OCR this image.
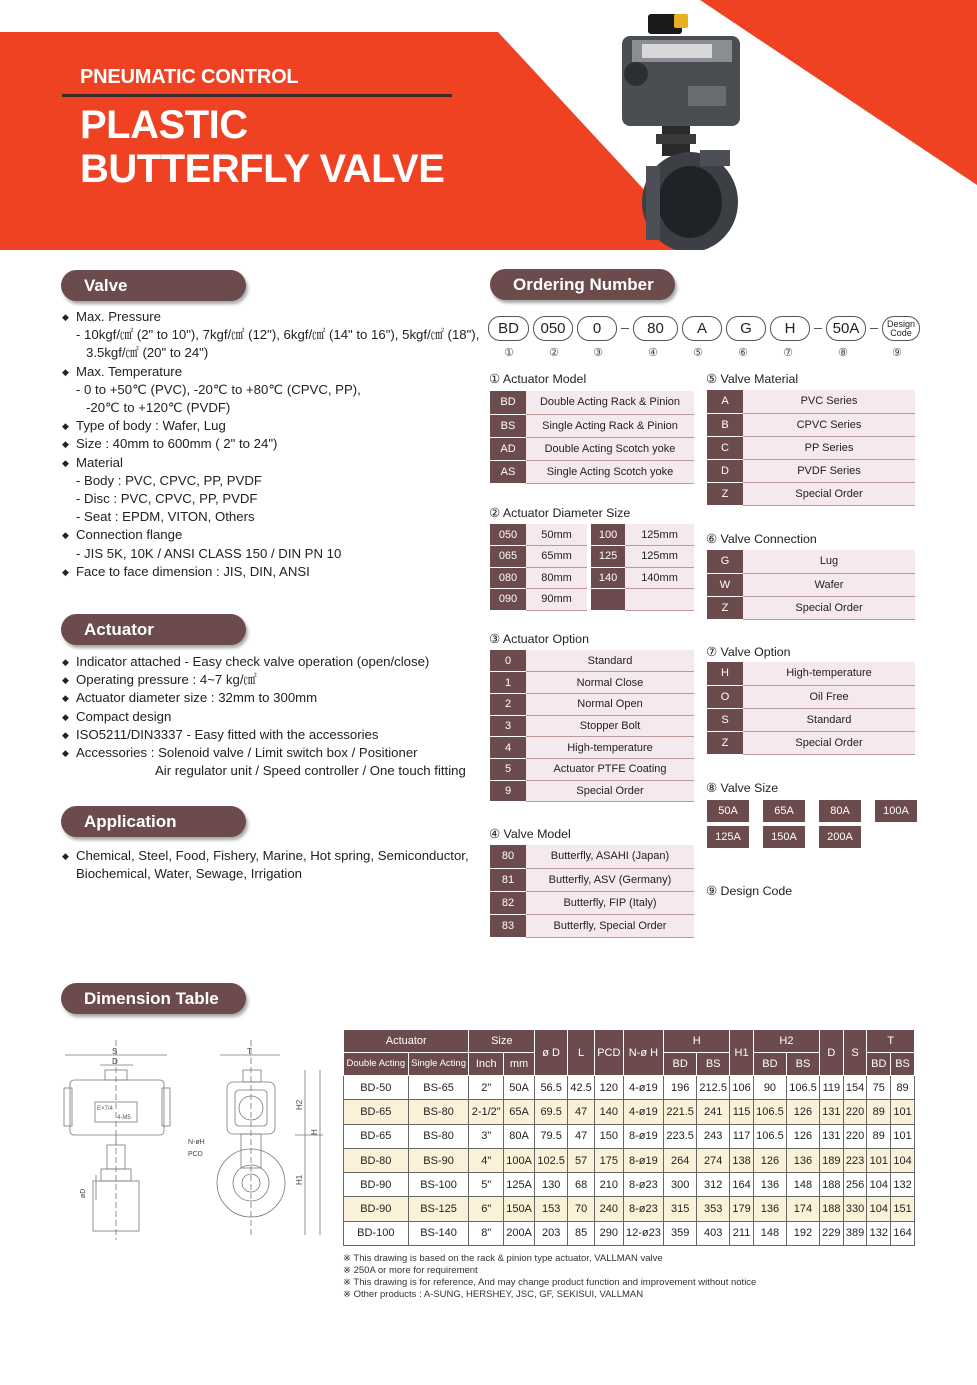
PNEUMATIC CONTROL
PLASTIC
BUTTERFLY VALVE
Valve
◆ Max. Pressure
- 10kgf/㎠ (2" to 10"), 7kgf/㎠ (12"), 6kgf/㎠ (14" to 16"), 5kgf/㎠ (18"),
3.5kgf/㎠ (20" to 24")
◆ Max. Temperature
- 0 to +50℃ (PVC), -20℃ to +80℃ (CPVC, PP),
-20℃ to +120℃ (PVDF)
◆ Type of body : Wafer, Lug
◆ Size : 40mm to 600mm ( 2" to 24")
◆ Material
- Body : PVC, CPVC, PP, PVDF
- Disc : PVC, CPVC, PP, PVDF
- Seat : EPDM, VITON, Others
◆ Connection flange
- JIS 5K, 10K / ANSI CLASS 150 / DIN PN 10
◆ Face to face dimension : JIS, DIN, ANSI
Actuator
◆ Indicator attached - Easy check valve operation (open/close)
◆ Operating pressure : 4~7 kg/㎠
◆ Actuator diameter size : 32mm to 300mm
◆ Compact design
◆ ISO5211/DIN3337 - Easy fitted with the accessories
◆ Accessories : Solenoid valve / Limit switch box / Positioner
Air regulator unit / Speed controller / One touch fitting
Application
◆ Chemical, Steel, Food, Fishery, Marine, Hot spring, Semiconductor,
Biochemical, Water, Sewage, Irrigation
Ordering Number
BD	050	0	80	A	G	H	50A	Design
Code
①	②	③	④	⑤	⑥	⑦	⑧	⑨
① Actuator Model
BD	Double Acting Rack & Pinion
BS	Single Acting Rack & Pinion
AD	Double Acting Scotch yoke
AS	Single Acting Scotch yoke
② Actuator Diameter Size
050	50mm	100	125mm
065	65mm	125	125mm
080	80mm	140	140mm
090	90mm		
③ Actuator Option
0	Standard
1	Normal Close
2	Normal Open
3	Stopper Bolt
4	High-temperature
5	Actuator PTFE Coating
9	Special Order
④ Valve Model
80	Butterfly, ASAHI (Japan)
81	Butterfly, ASV (Germany)
82	Butterfly, FIP (Italy)
83	Butterfly, Special Order
⑤ Valve Material
A	PVC Series
B	CPVC Series
C	PP Series
D	PVDF Series
Z	Special Order
⑥ Valve Connection
G	Lug
W	Wafer
Z	Special Order
⑦ Valve Option
H	High-temperature
O	Oil Free
S	Standard
Z	Special Order
⑧ Valve Size
50A	65A	80A	100A
125A	150A	200A
⑨ Design Code
Dimension Table
S
D
E×7/4
4-M5
øD
T
N-øH
PCD
H2
H
H1
Actuator		Size		ø D	L	PCD	N-ø H	H		H1	H2		D	S	T	
Double Acting	Single Acting	Inch	mm					BD	BS		BD	BS			BD	BS
BD-50	BS-65	2"	50A	56.5	42.5	120	4-ø19	196	212.5	106	90	106.5	119	154	75	89
BD-65	BS-80	2-1/2"	65A	69.5	47	140	4-ø19	221.5	241	115	106.5	126	131	220	89	101
BD-65	BS-80	3"	80A	79.5	47	150	8-ø19	223.5	243	117	106.5	126	131	220	89	101
BD-80	BS-90	4"	100A	102.5	57	175	8-ø19	264	274	138	126	136	189	223	101	104
BD-90	BS-100	5"	125A	130	68	210	8-ø23	300	312	164	136	148	188	256	104	132
BD-90	BS-125	6"	150A	153	70	240	8-ø23	315	353	179	136	174	188	330	104	151
BD-100	BS-140	8"	200A	203	85	290	12-ø23	359	403	211	148	192	229	389	132	164
※ This drawing is based on the rack & pinion type actuator, VALLMAN valve
※ 250A or more for requirement
※ This drawing is for reference, And may change product function and improvement without notice
※ Other products : A-SUNG, HERSHEY, JSC, GF, SEKISUI, VALLMAN
